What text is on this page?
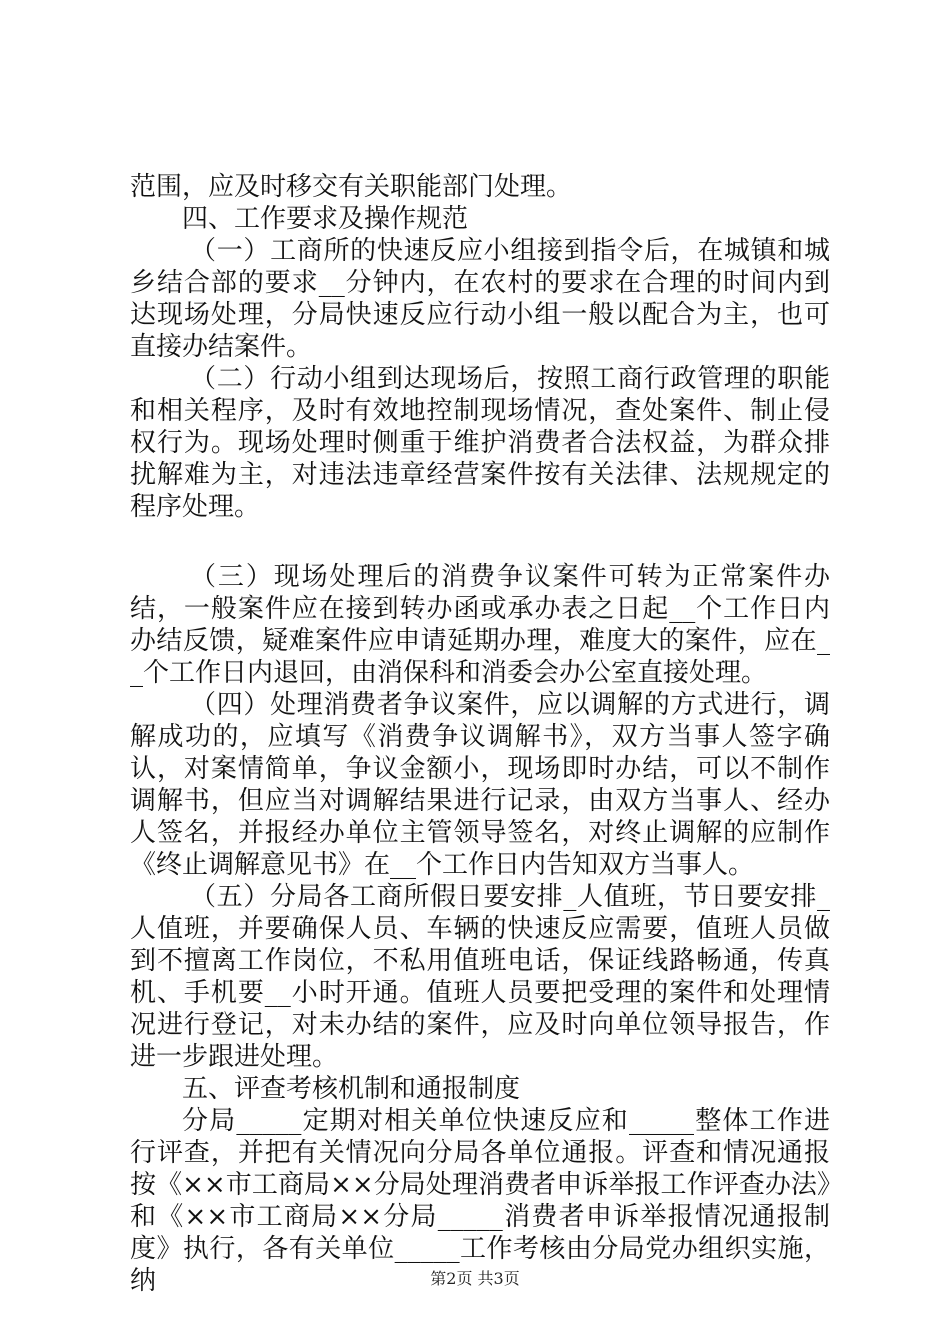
范围，应及时移交有关职能部门处理。

四、工作要求及操作规范

（一）工商所的快速反应小组接到指令后，在城镇和城乡结合部的要求__分钟内，在农村的要求在合理的时间内到达现场处理，分局快速反应行动小组一般以配合为主，也可直接办结案件。

（二）行动小组到达现场后，按照工商行政管理的职能和相关程序，及时有效地控制现场情况，查处案件、制止侵权行为。现场处理时侧重于维护消费者合法权益，为群众排扰解难为主，对违法违章经营案件按有关法律、法规规定的程序处理。

（三）现场处理后的消费争议案件可转为正常案件办结，一般案件应在接到转办函或承办表之日起__个工作日内办结反馈，疑难案件应申请延期办理，难度大的案件，应在__个工作日内退回，由消保科和消委会办公室直接处理。

（四）处理消费者争议案件，应以调解的方式进行，调解成功的，应填写《消费争议调解书》，双方当事人签字确认，对案情简单，争议金额小，现场即时办结，可以不制作调解书，但应当对调解结果进行记录，由双方当事人、经办人签名，并报经办单位主管领导签名，对终止调解的应制作《终止调解意见书》在__个工作日内告知双方当事人。

（五）分局各工商所假日要安排_人值班，节日要安排_人值班，并要确保人员、车辆的快速反应需要，值班人员做到不擅离工作岗位，不私用值班电话，保证线路畅通，传真机、手机要__小时开通。值班人员要把受理的案件和处理情况进行登记，对未办结的案件，应及时向单位领导报告，作进一步跟进处理。

五、评查考核机制和通报制度

分局_____定期对相关单位快速反应和_____整体工作进行评查，并把有关情况向分局各单位通报。评查和情况通报按《××市工商局××分局处理消费者申诉举报工作评查办法》和《××市工商局××分局_____消费者申诉举报情况通报制度》执行，各有关单位_____工作考核由分局党办组织实施，纳	第2页 共3页
